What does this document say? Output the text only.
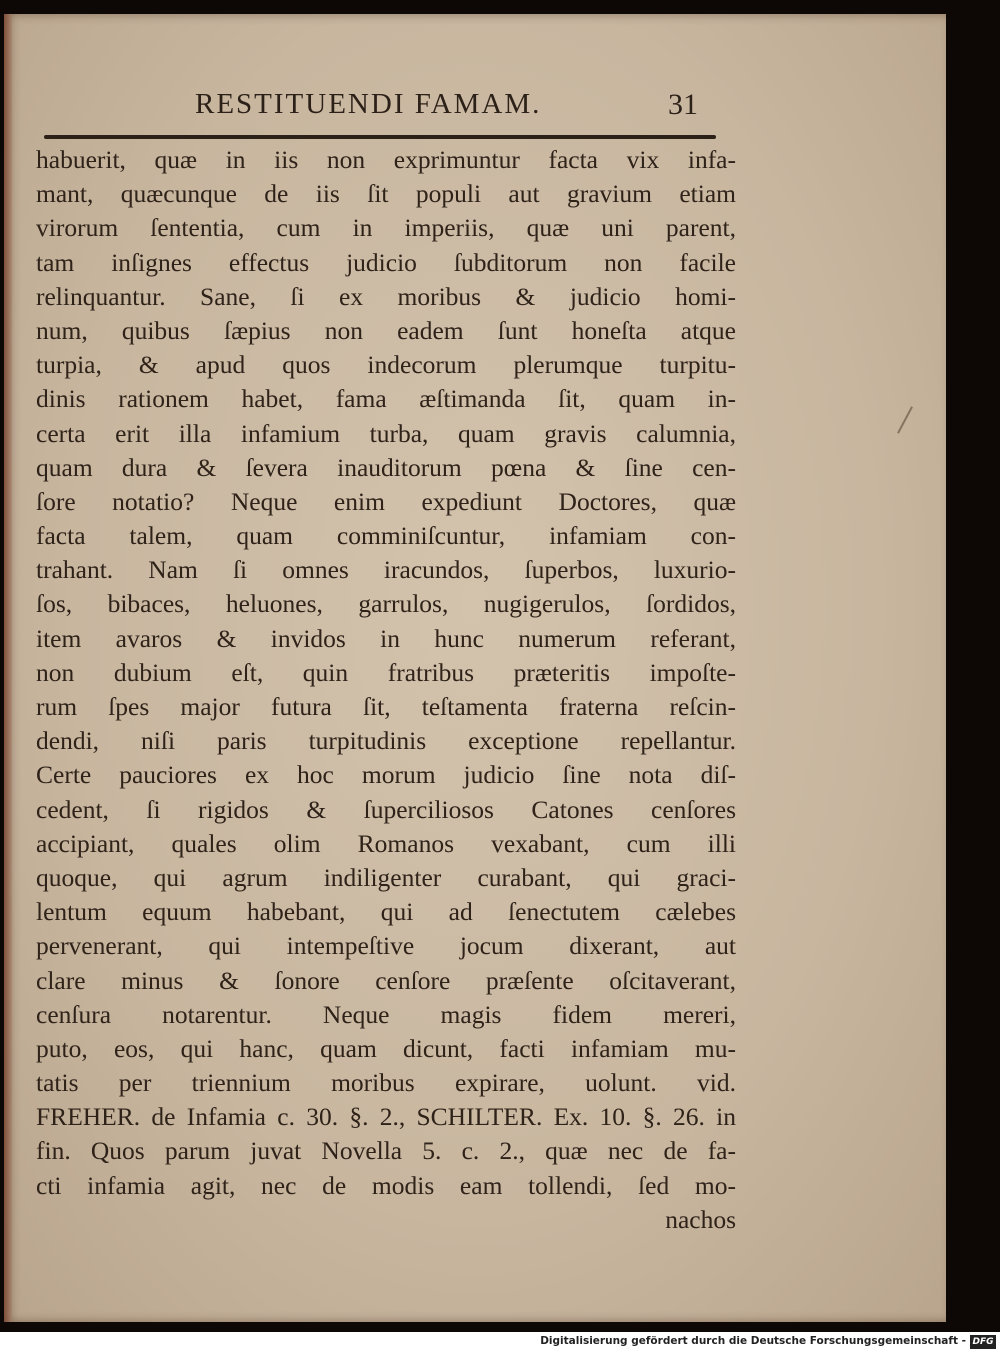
RESTITUENDI FAMAM.	31
habuerit, quæ in iis non exprimuntur facta vix infa-
mant, quæcunque de iis ſit populi aut gravium etiam
virorum ſententia, cum in imperiis, quæ uni parent,
tam inſignes effectus judicio ſubditorum non facile
relinquantur. Sane, ſi ex moribus & judicio homi-
num, quibus ſæpius non eadem ſunt honeſta atque
turpia, & apud quos indecorum plerumque turpitu-
dinis rationem habet, fama æſtimanda ſit, quam in-
certa erit illa infamium turba, quam gravis calumnia,
quam dura & ſevera inauditorum pœna & ſine cen-
ſore notatio? Neque enim expediunt Doctores, quæ
facta talem, quam comminiſcuntur, infamiam con-
trahant. Nam ſi omnes iracundos, ſuperbos, luxurio-
ſos, bibaces, heluones, garrulos, nugigerulos, ſordidos,
item avaros & invidos in hunc numerum referant,
non dubium eſt, quin fratribus præteritis impoſte-
rum ſpes major futura ſit, teſtamenta fraterna reſcin-
dendi, niſi paris turpitudinis exceptione repellantur.
Certe pauciores ex hoc morum judicio ſine nota diſ-
cedent, ſi rigidos & ſuperciliosos Catones cenſores
accipiant, quales olim Romanos vexabant, cum illi
quoque, qui agrum indiligenter curabant, qui graci-
lentum equum habebant, qui ad ſenectutem cælebes
pervenerant, qui intempeſtive jocum dixerant, aut
clare minus & ſonore cenſore præſente oſcitaverant,
cenſura notarentur. Neque magis fidem mereri,
puto, eos, qui hanc, quam dicunt, facti infamiam mu-
tatis per triennium moribus expirare, uolunt. vid.
FREHER. de Infamia c. 30. §. 2., SCHILTER. Ex. 10. §. 26. in
fin. Quos parum juvat Novella 5. c. 2., quæ nec de fa-
cti infamia agit, nec de modis eam tollendi, ſed mo-
nachos
Digitalisierung gefördert durch die Deutsche Forschungsgemeinschaft - DFG
